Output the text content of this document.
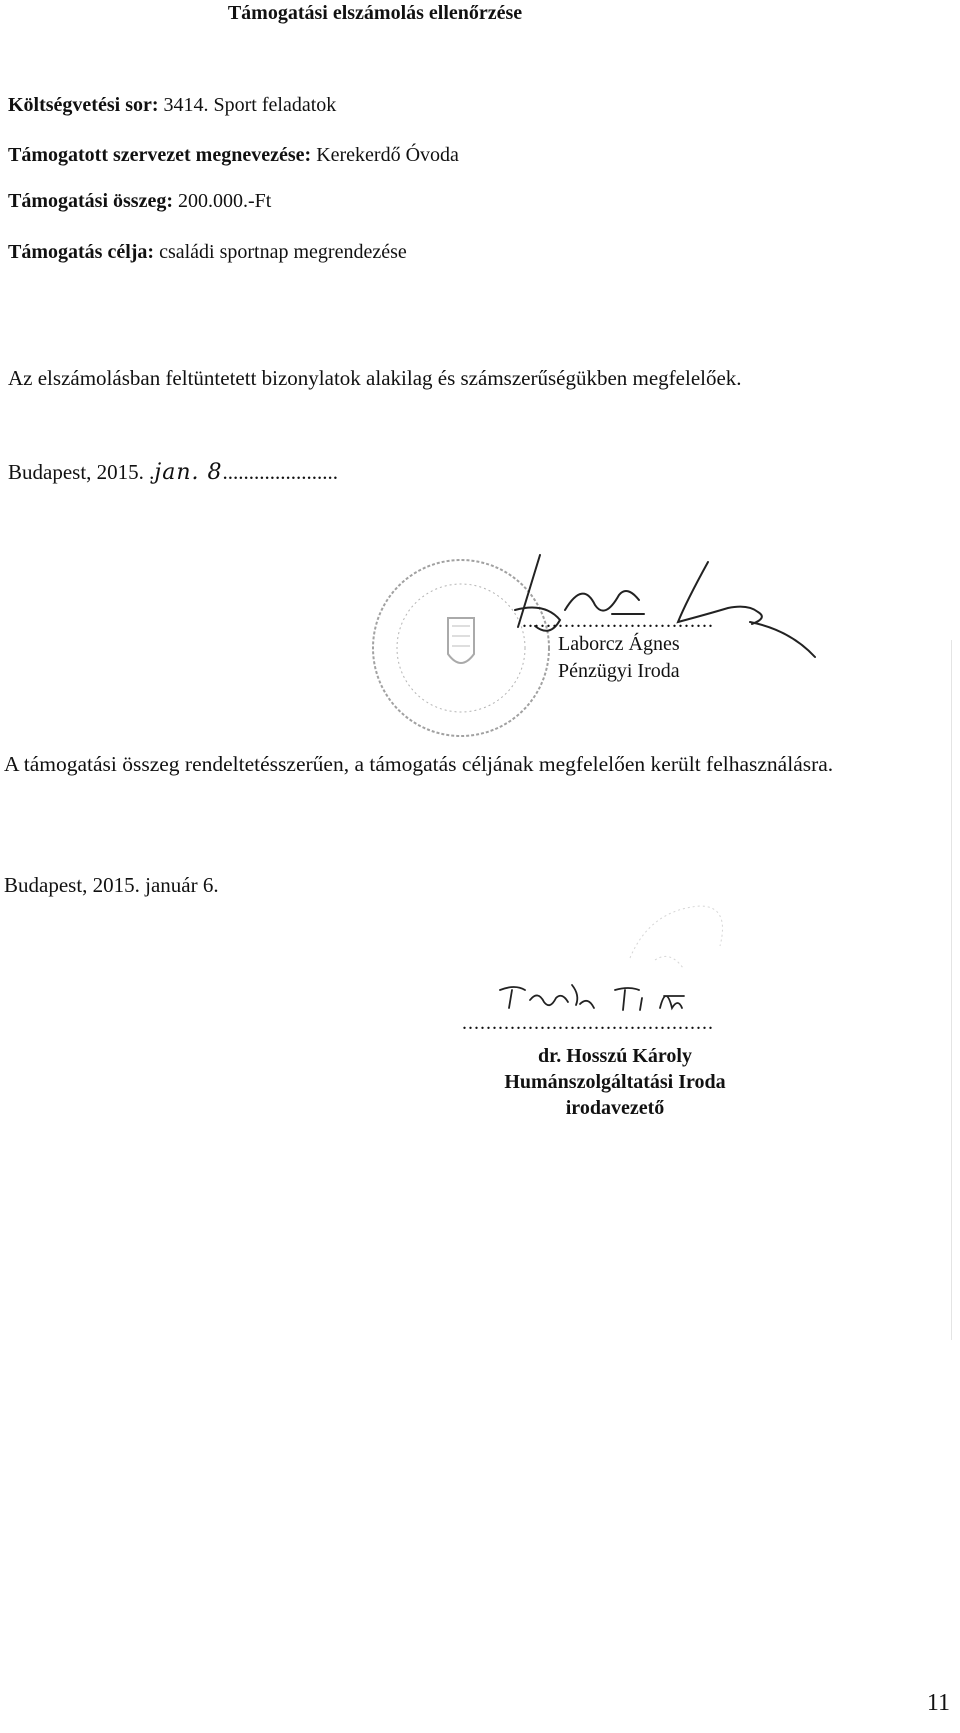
Támogatási elszámolás ellenőrzése
Költségvetési sor: 3414. Sport feladatok
Támogatott szervezet megnevezése: Kerekerdő Óvoda
Támogatási összeg: 200.000.-Ft
Támogatás célja: családi sportnap megrendezése
Az elszámolásban feltüntetett bizonylatok alakilag és számszerűségükben megfelelőek.
Budapest, 2015. .jan. 8......................
................................
Laborcz Ágnes
Pénzügyi Iroda
A támogatási összeg rendeltetésszerűen, a támogatás céljának megfelelően került felhasználásra.
Budapest, 2015. január 6.
..........................................
dr. Hosszú Károly
Humánszolgáltatási Iroda
irodavezető
11
